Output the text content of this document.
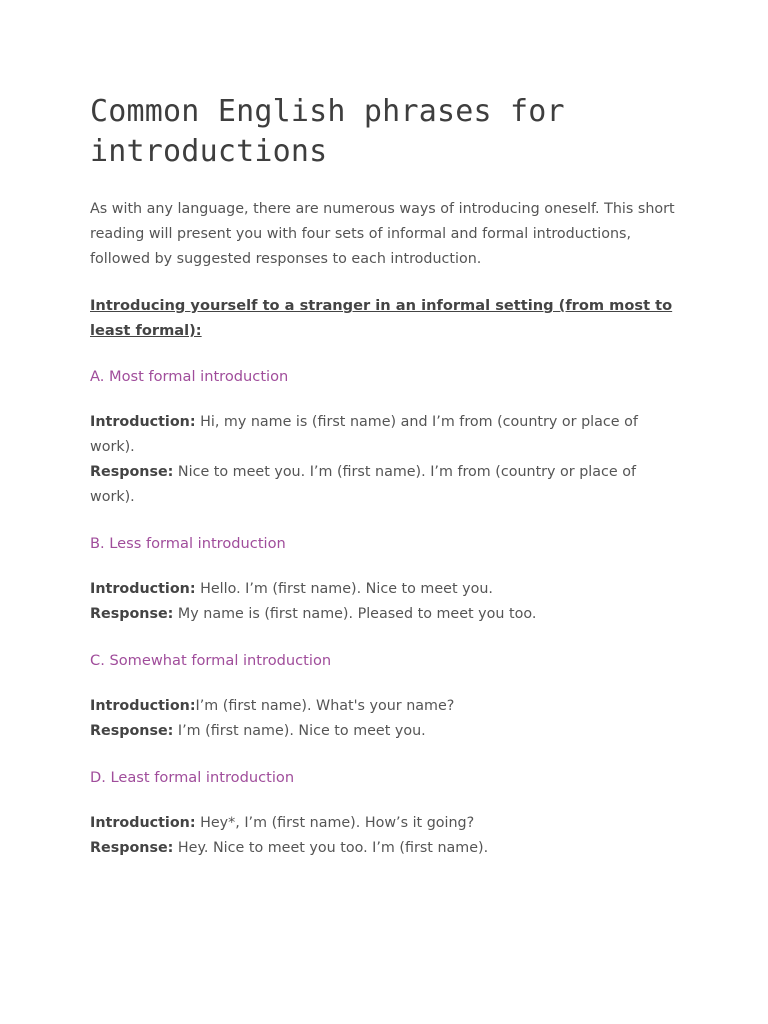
Common English phrases for introductions

As with any language, there are numerous ways of introducing oneself. This short reading will present you with four sets of informal and formal introductions, followed by suggested responses to each introduction.

Introducing yourself to a stranger in an informal setting (from most to least formal):

A. Most formal introduction

Introduction: Hi, my name is (first name) and I’m from (country or place of work).

Response: Nice to meet you. I’m (first name). I’m from (country or place of work).

B. Less formal introduction

Introduction: Hello. I’m (first name). Nice to meet you.

Response: My name is (first name). Pleased to meet you too.

C. Somewhat formal introduction

Introduction:I’m (first name). What's your name?

Response: I’m (first name). Nice to meet you.

D. Least formal introduction

Introduction: Hey*, I’m (first name). How’s it going?

Response: Hey. Nice to meet you too. I’m (first name).
